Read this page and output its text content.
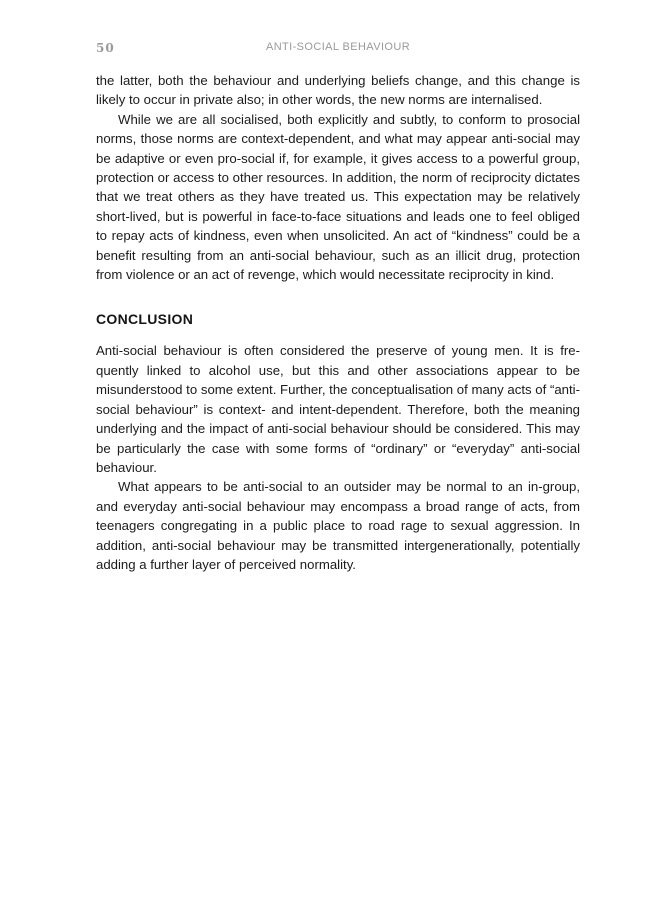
50	ANTI-SOCIAL BEHAVIOUR

the latter, both the behaviour and underlying beliefs change, and this change is likely to occur in private also; in other words, the new norms are internalised.

While we are all socialised, both explicitly and subtly, to conform to prosocial norms, those norms are context-dependent, and what may appear anti-social may be adaptive or even pro-social if, for example, it gives access to a powerful group, protection or access to other resources. In addition, the norm of reciprocity dictates that we treat others as they have treated us. This expectation may be relatively short-lived, but is powerful in face-to-face situations and leads one to feel obliged to repay acts of kindness, even when unsolicited. An act of “kindness” could be a benefit resulting from an anti-social behaviour, such as an illicit drug, protection from violence or an act of revenge, which would necessitate reciprocity in kind.

CONCLUSION

Anti-social behaviour is often considered the preserve of young men. It is frequently linked to alcohol use, but this and other associations appear to be misunderstood to some extent. Further, the conceptualisation of many acts of “anti-social behaviour” is context- and intent-dependent. Therefore, both the meaning underlying and the impact of anti-social behaviour should be considered. This may be particularly the case with some forms of “ordinary” or “everyday” anti-social behaviour.

What appears to be anti-social to an outsider may be normal to an in-group, and everyday anti-social behaviour may encompass a broad range of acts, from teenagers congregating in a public place to road rage to sexual aggression. In addition, anti-social behaviour may be transmitted intergenerationally, potentially adding a further layer of perceived normality.
